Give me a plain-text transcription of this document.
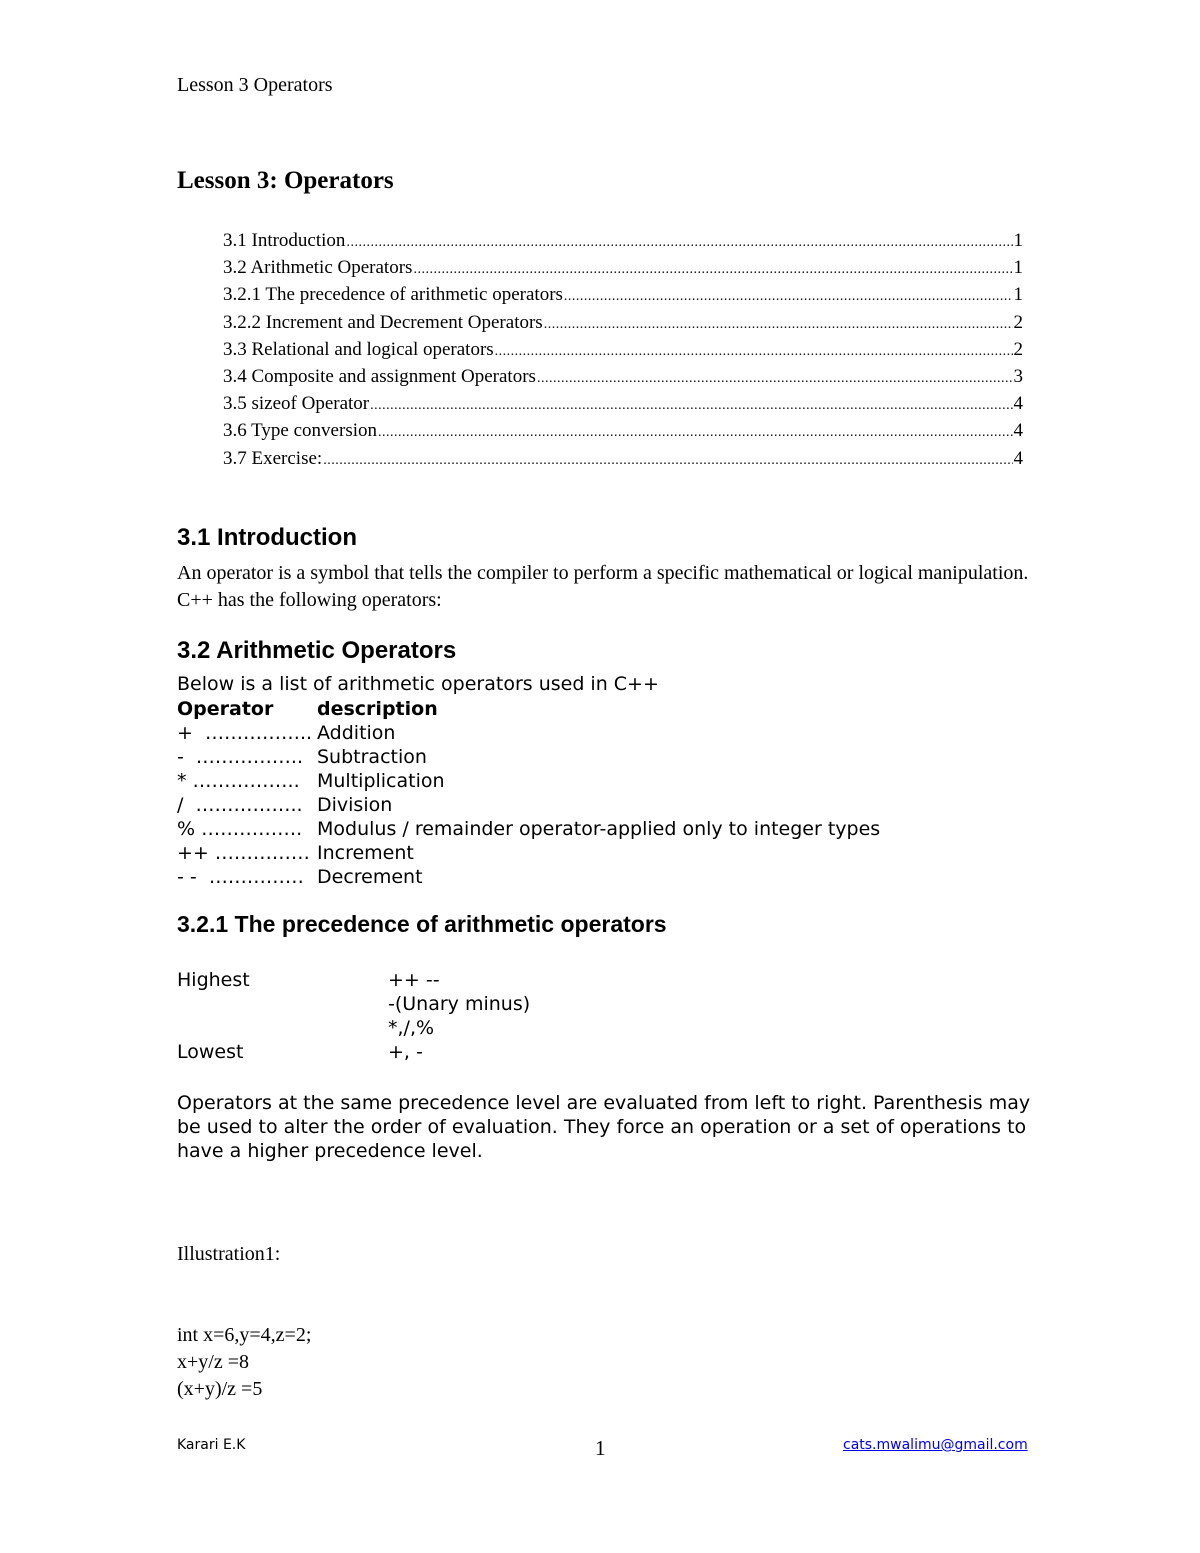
Lesson 3 Operators
Lesson 3: Operators
3.1 Introduction .....	1
3.2 Arithmetic Operators .....	1
3.2.1 The precedence of arithmetic operators .....	1
3.2.2 Increment and Decrement Operators .....	2
3.3 Relational and logical operators .....	2
3.4 Composite and assignment Operators .....	3
3.5 sizeof Operator .....	4
3.6 Type conversion .....	4
3.7 Exercise: .....	4
3.1 Introduction

An operator is a symbol that tells the compiler to perform a specific mathematical or logical manipulation. C++ has the following operators:

3.2 Arithmetic Operators
Below is a list of arithmetic operators used in C++
Operator	description
+  …………….. Addition
-  …………….. Subtraction
* …………….. Multiplication
/  …………….. Division
% ……………. Modulus / remainder operator-applied only to integer types
++ …………… Increment
- -  …………… Decrement
3.2.1 The precedence of arithmetic operators
Highest	++ --
-(Unary minus)
*,/,%
Lowest	+, -

Operators at the same precedence level are evaluated from left to right. Parenthesis may be used to alter the order of evaluation. They force an operation or a set of operations to have a higher precedence level.

Illustration1:
int x=6,y=4,z=2;
x+y/z =8
(x+y)/z =5
Karari E.K	1	cats.mwalimu@gmail.com
